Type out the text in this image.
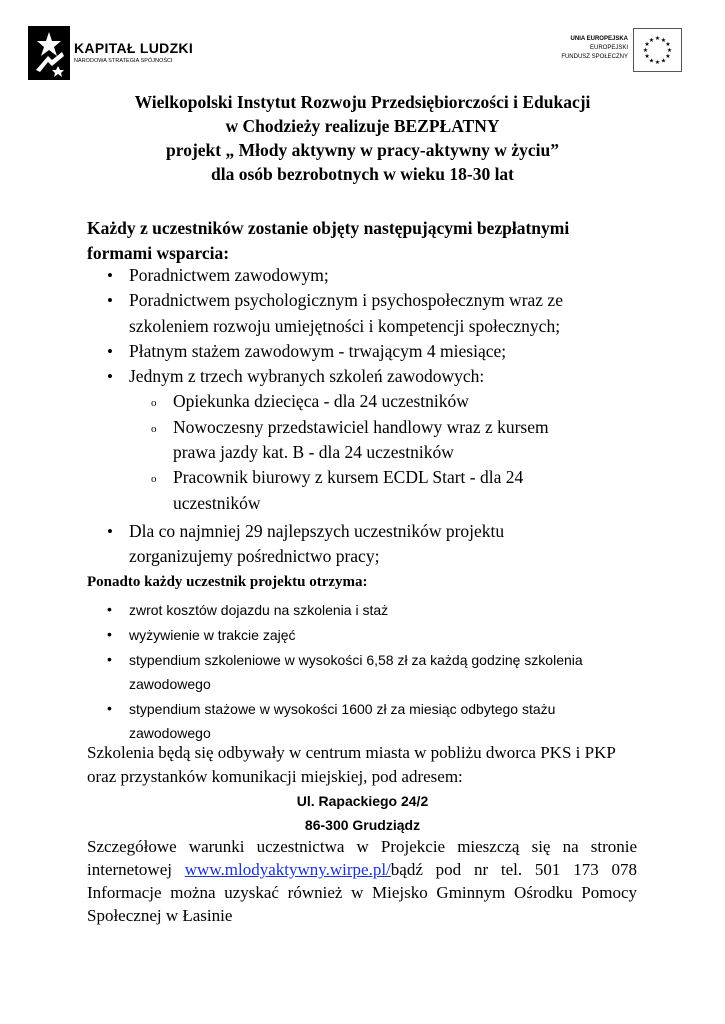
KAPITAŁ LUDZKI
NARODOWA STRATEGIA SPÓJNOŚCI
UNIA EUROPEJSKA
EUROPEJSKI
FUNDUSZ SPOŁECZNY
★ ★
★
★
★
★
★
★
★
★
★
★
Wielkopolski Instytut Rozwoju Przedsiębiorczości i Edukacji
w Chodzieży realizuje BEZPŁATNY
projekt „ Młody aktywny w pracy-aktywny w życiu”
dla osób bezrobotnych w wieku 18-30 lat
Każdy z uczestników zostanie objęty następującymi bezpłatnymi
formami wsparcia:
• Poradnictwem zawodowym;
• Poradnictwem psychologicznym i psychospołecznym wraz ze
szkoleniem rozwoju umiejętności i kompetencji społecznych;
• Płatnym stażem zawodowym - trwającym 4 miesiące;
• Jednym z trzech wybranych szkoleń zawodowych:
o Opiekunka dziecięca - dla 24 uczestników
o Nowoczesny przedstawiciel handlowy wraz z kursem
prawa jazdy kat. B - dla 24 uczestników
o Pracownik biurowy z kursem ECDL Start - dla 24
uczestników
• Dla co najmniej 29 najlepszych uczestników projektu
zorganizujemy pośrednictwo pracy;
Ponadto każdy uczestnik projektu otrzyma:
• zwrot kosztów dojazdu na szkolenia i staż
• wyżywienie w trakcie zajęć
• stypendium szkoleniowe w wysokości 6,58 zł za każdą godzinę szkolenia
zawodowego
• stypendium stażowe w wysokości 1600 zł za miesiąc odbytego stażu
zawodowego
Szkolenia będą się odbywały w centrum miasta w pobliżu dworca PKS i PKP
oraz przystanków komunikacji miejskiej, pod adresem:
Ul. Rapackiego 24/2
86-300 Grudziądz
Szczegółowe warunki uczestnictwa w Projekcie mieszczą się na stronie
internetowej www.mlodyaktywny.wirpe.pl/bądź pod nr tel. 501 173 078
Informacje można uzyskać również w Miejsko Gminnym Ośrodku Pomocy
Społecznej w Łasinie
